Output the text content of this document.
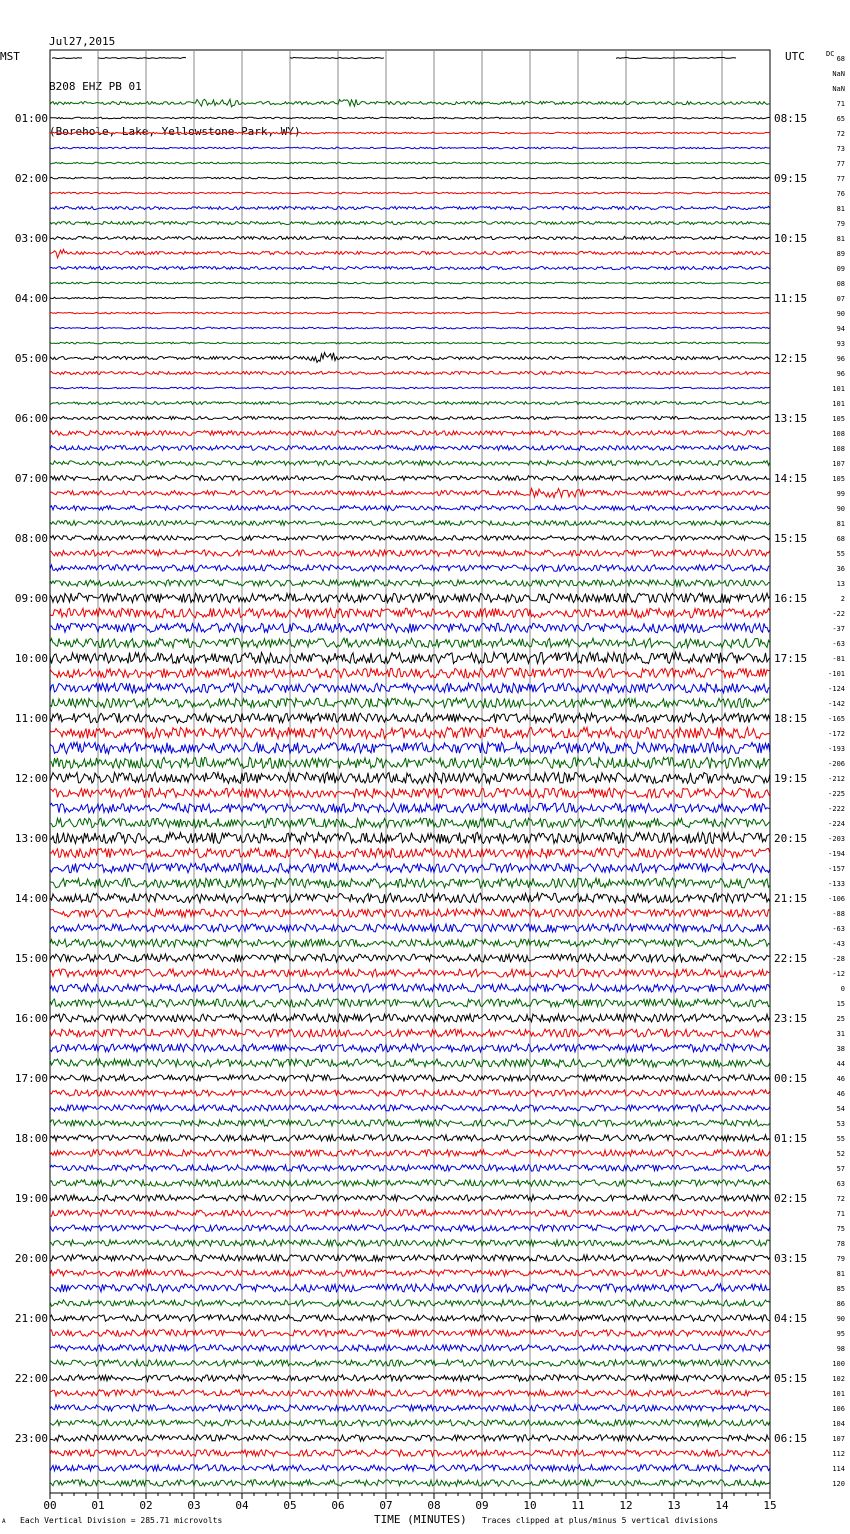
Jul27,2015

B208 EHZ PB 01

(Borehole, Lake, Yellowstone Park, WY)

MST	UTC
01:00
02:00
03:00
04:00
05:00
06:00
07:00
08:00
09:00
10:00
11:00
12:00
13:00
14:00
15:00
16:00
17:00
18:00
19:00
20:00
21:00
22:00
23:00
08:15
09:15
10:15
11:15
12:15
13:15
14:15
15:15
16:15
17:15
18:15
19:15
20:15
21:15
22:15
23:15
00:15
01:15
02:15
03:15
04:15
05:15
06:15
DC
68
NaN
NaN
71
65
72
73
77
77
76
81
79
81
89
09
08
07
90
94
93
96
96
101
101
105
108
108
107
105
99
90
81
68
55
36
13
2
-22
-37
-63
-81
-101
-124
-142
-165
-172
-193
-206
-212
-225
-222
-224
-203
-194
-157
-133
-106
-88
-63
-43
-28
-12
0
15
25
31
38
44
46
46
54
53
55
52
57
63
72
71
75
78
79
81
85
86
90
95
98
100
102
101
106
104
107
112
114
120
00	01	02	03	04	05	06	07	08	09	10	11	12	13	14	15
A Each Vertical Division = 285.71 microvolts	TIME (MINUTES) Traces clipped at plus/minus 5 vertical divisions
